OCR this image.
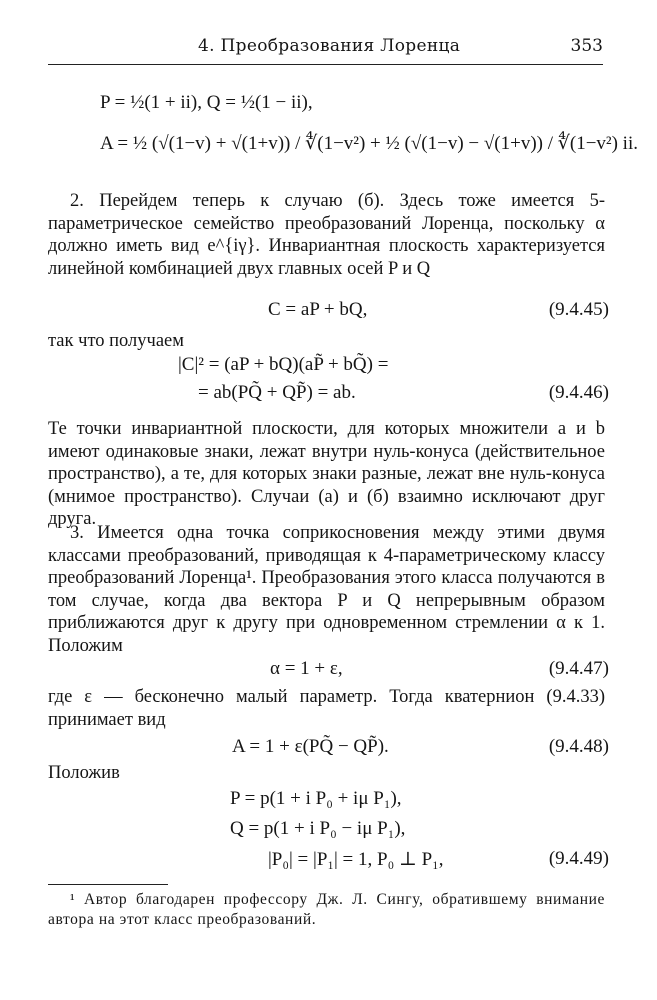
4. Преобразования Лоренца	353
P = ½(1 + ii), Q = ½(1 − ii),
A = ½ (√(1−v) + √(1+v)) / ∜(1−v²) + ½ (√(1−v) − √(1+v)) / ∜(1−v²) ii.

2. Перейдем теперь к случаю (б). Здесь тоже имеется 5-параметрическое семейство преобразований Лоренца, поскольку α должно иметь вид e^{iγ}. Инвариантная плоскость характеризуется линейной комбинацией двух главных осей P и Q

C = aP + bQ,	(9.4.45)

так что получаем

|C|² = (aP + bQ)(aP̃ + bQ̃) =
= ab(PQ̃ + QP̃) = ab.	(9.4.46)

Те точки инвариантной плоскости, для которых множители a и b имеют одинаковые знаки, лежат внутри нуль-конуса (действительное пространство), а те, для которых знаки разные, лежат вне нуль-конуса (мнимое пространство). Случаи (а) и (б) взаимно исключают друг друга.

3. Имеется одна точка соприкосновения между этими двумя классами преобразований, приводящая к 4-параметрическому классу преобразований Лоренца¹. Преобразования этого класса получаются в том случае, когда два вектора P и Q непрерывным образом приближаются друг к другу при одновременном стремлении α к 1. Положим

α = 1 + ε,	(9.4.47)

где ε — бесконечно малый параметр. Тогда кватернион (9.4.33) принимает вид

A = 1 + ε(PQ̃ − QP̃).	(9.4.48)

Положив

P = p(1 + i P₀ + iμ P₁),
Q = p(1 + i P₀ − iμ P₁),
|P₀| = |P₁| = 1, P₀ ⊥ P₁,	(9.4.49)

¹ Автор благодарен профессору Дж. Л. Сингу, обратившему внимание автора на этот класс преобразований.
